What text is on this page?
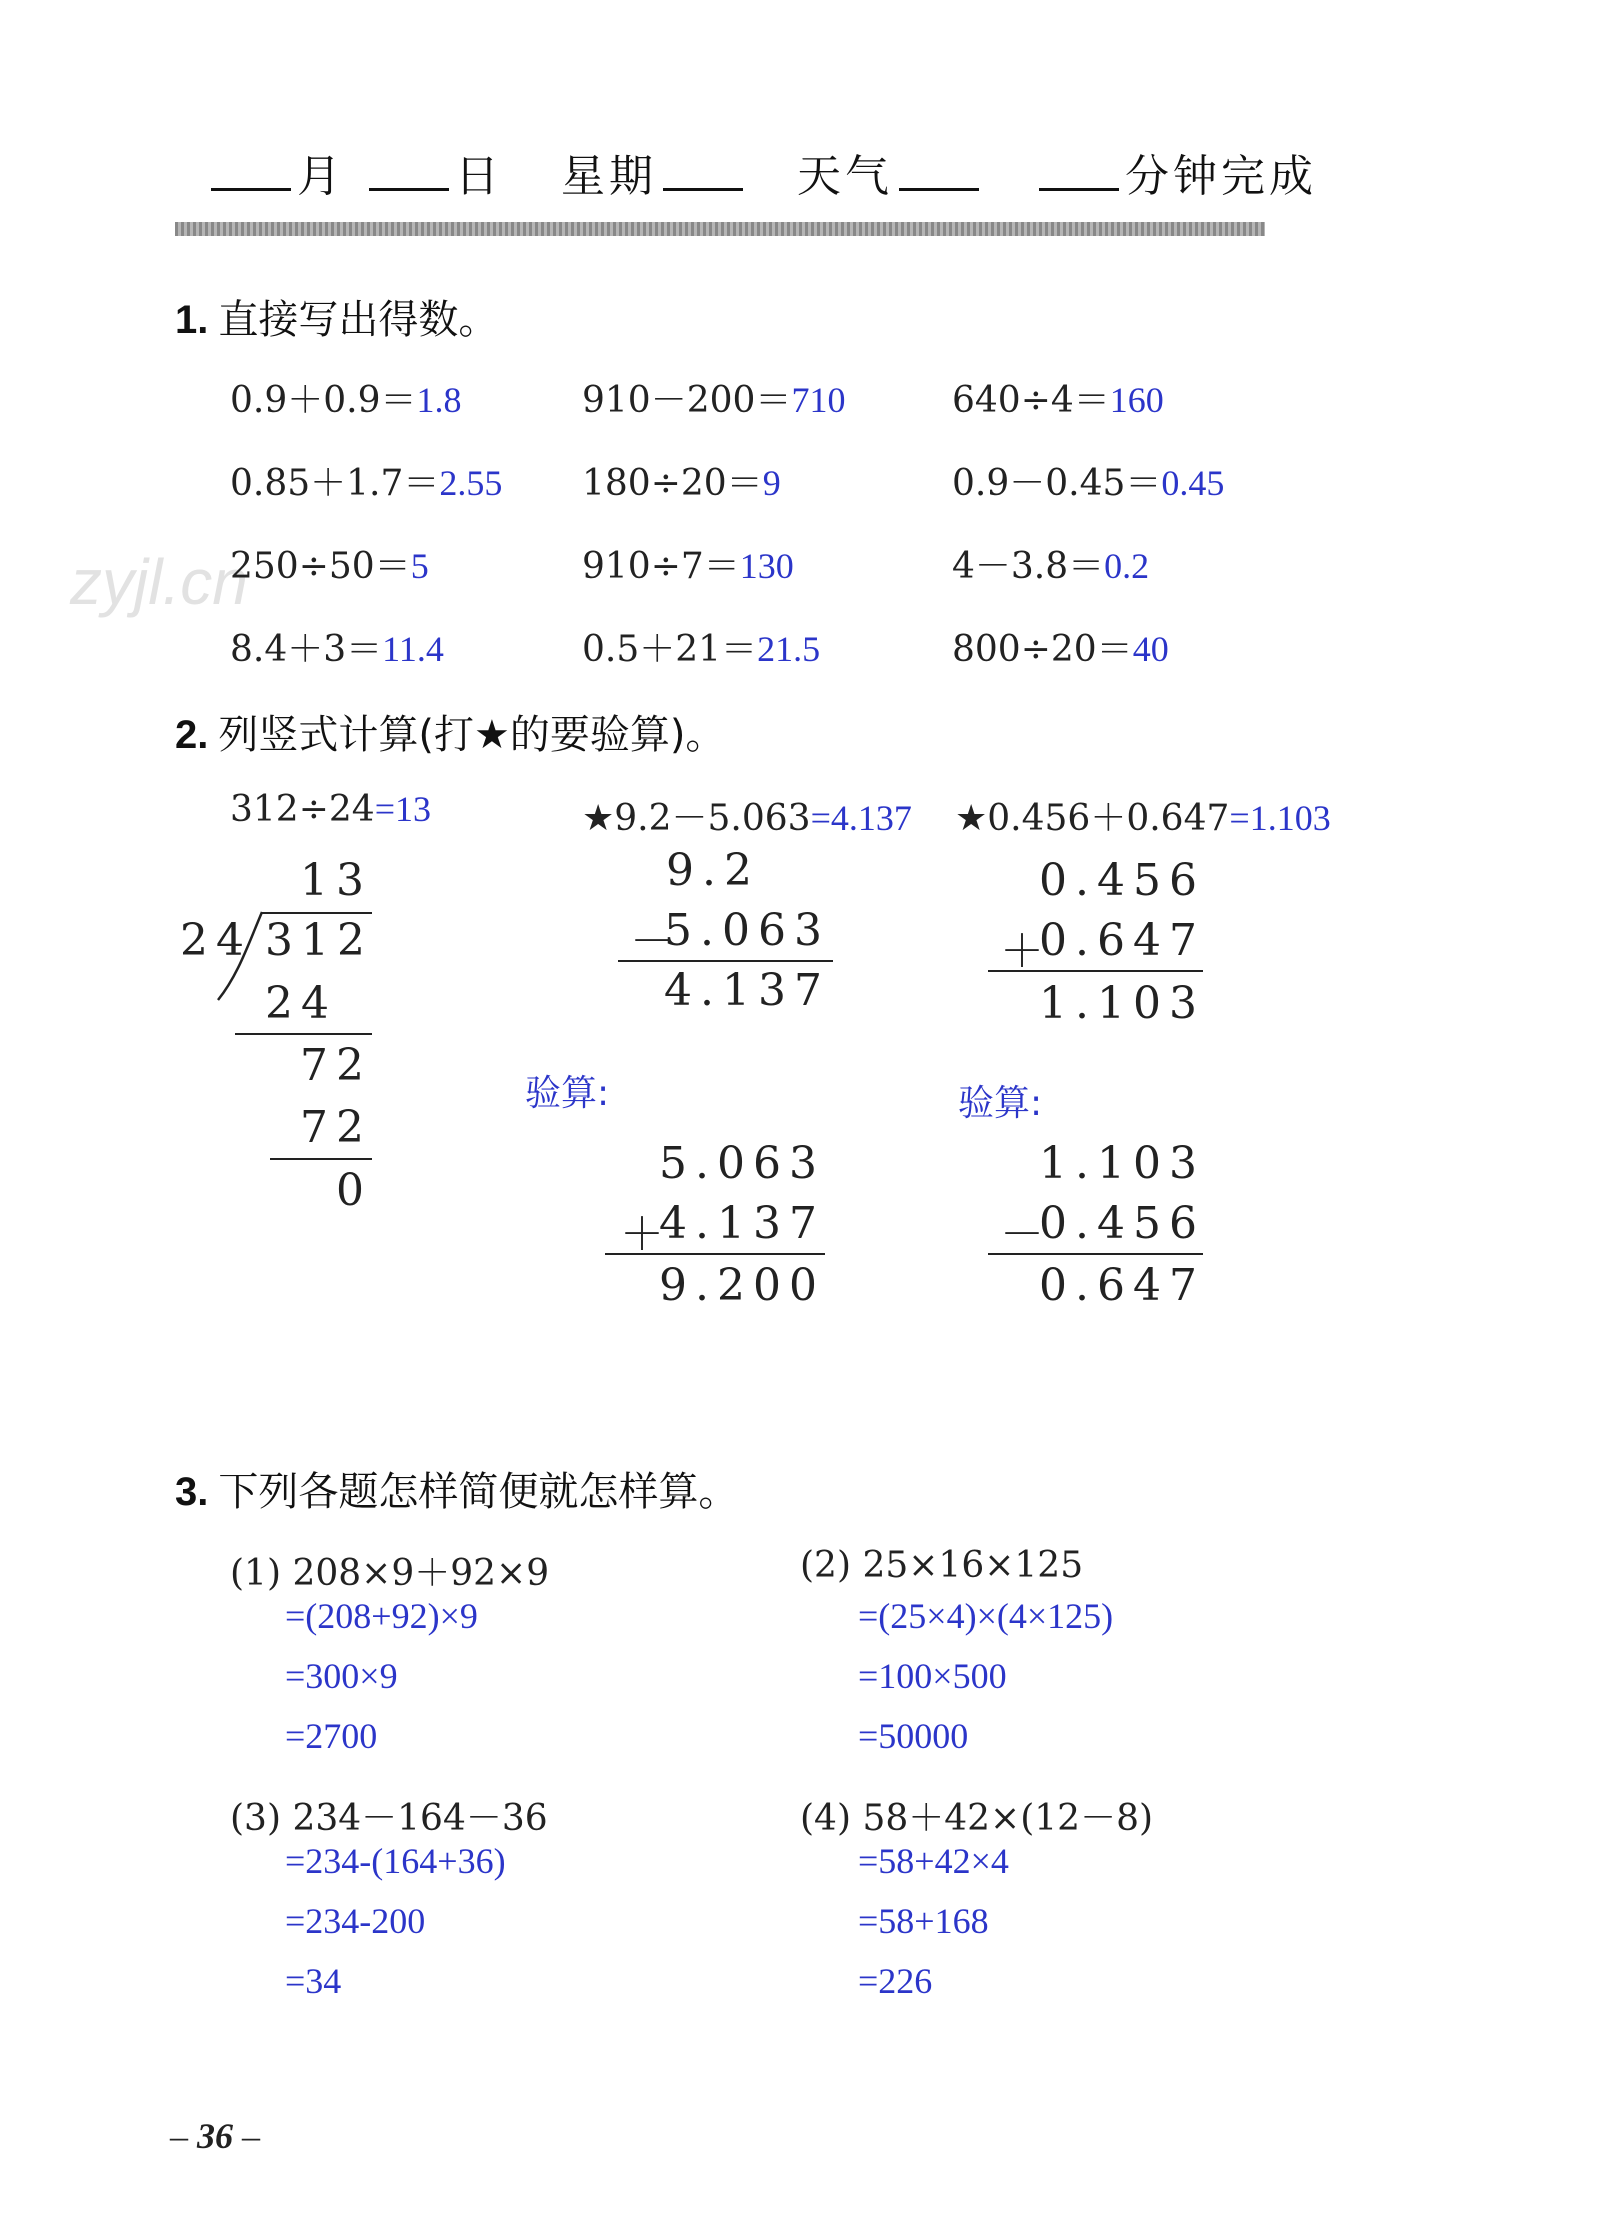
zyjl.cn
月	日 星期	天气	分钟完成
1. 直接写出得数。
0.9＋0.9＝1.8	910－200＝710	640÷4＝160
0.85＋1.7＝2.55 180÷20＝9	0.9－0.45＝0.45
250÷50＝5	910÷7＝130	4－3.8＝0.2
8.4＋3＝11.4	0.5＋21＝21.5	800÷20＝40
2. 列竖式计算(打★的要验算)。
312÷24=13	★9.2－5.063=4.137 ★0.456＋0.647=1.103
13
24 312
24
72
72
0
9.2
－
5.063
4.137
0.456
＋
0.647
1.103
验算:	验算:
5.063
＋
4.137
9.200
1.103
－
0.456
0.647
3. 下列各题怎样简便就怎样算。
(1) 208×9＋92×9
=(208+92)×9
=300×9
=2700
(2) 25×16×125
=(25×4)×(4×125)
=100×500
=50000
(3) 234－164－36
=234-(164+36)
=234-200
=34
(4) 58＋42×(12－8)
=58+42×4
=58+168
=226
– 36 –
